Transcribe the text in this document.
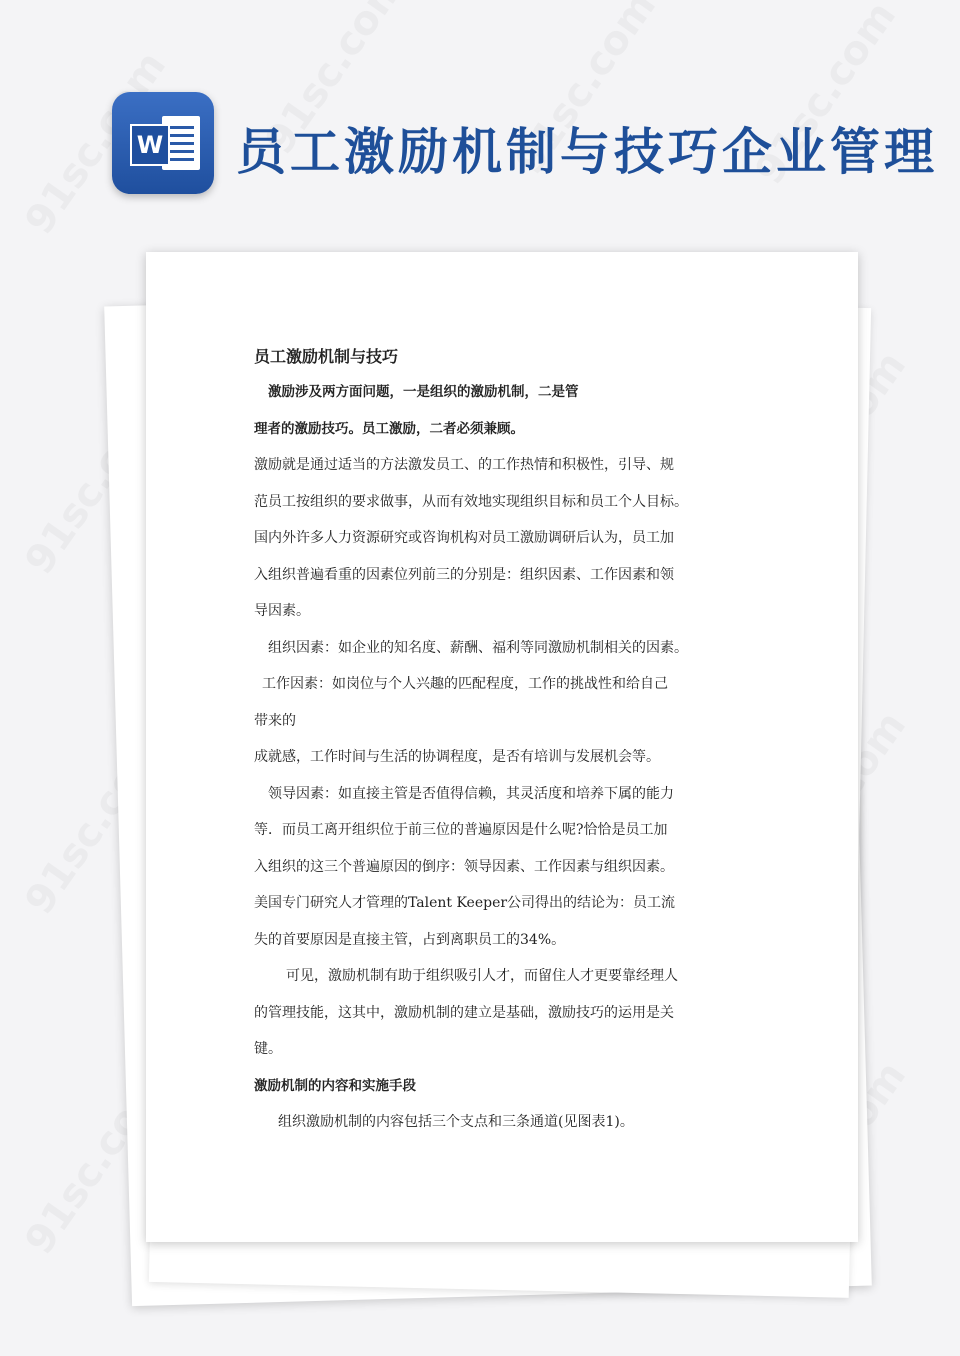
W 员工激励机制与技巧企业管理

员工激励机制与技巧

激励涉及两方面问题，一是组织的激励机制，二是管

理者的激励技巧。员工激励，二者必须兼顾。

激励就是通过适当的方法激发员工、的工作热情和积极性，引导、规

范员工按组织的要求做事，从而有效地实现组织目标和员工个人目标。

国内外许多人力资源研究或咨询机构对员工激励调研后认为，员工加

入组织普遍看重的因素位列前三的分别是：组织因素、工作因素和领

导因素。

组织因素：如企业的知名度、薪酬、福利等同激励机制相关的因素。

工作因素：如岗位与个人兴趣的匹配程度，工作的挑战性和给自己

带来的

成就感，工作时间与生活的协调程度，是否有培训与发展机会等。

领导因素：如直接主管是否值得信赖，其灵活度和培养下属的能力

等．而员工离开组织位于前三位的普遍原因是什么呢?恰恰是员工加

入组织的这三个普遍原因的倒序：领导因素、工作因素与组织因素。

美国专门研究人才管理的Talent Keeper公司得出的结论为：员工流

失的首要原因是直接主管，占到离职员工的34%。

可见，激励机制有助于组织吸引人才，而留住人才更要靠经理人

的管理技能，这其中，激励机制的建立是基础，激励技巧的运用是关

键。

激励机制的内容和实施手段

组织激励机制的内容包括三个支点和三条通道(见图表1)。
